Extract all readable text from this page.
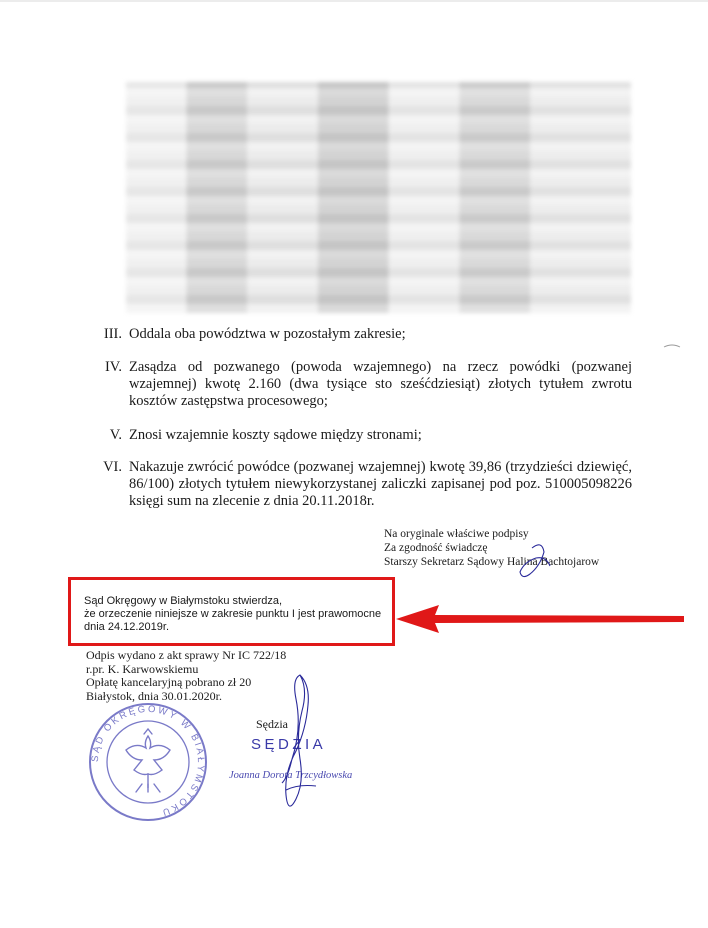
III. Oddala oba powództwa w pozostałym zakresie;
IV. Zasądza od pozwanego (powoda wzajemnego) na rzecz powódki (pozwanej wzajemnej) kwotę 2.160 (dwa tysiące sto sześćdziesiąt) złotych tytułem zwrotu kosztów zastępstwa procesowego;
V. Znosi wzajemnie koszty sądowe między stronami;
VI. Nakazuje zwrócić powódce (pozwanej wzajemnej) kwotę 39,86 (trzydzieści dziewięć, 86/100) złotych tytułem niewykorzystanej zaliczki zapisanej pod poz. 510005098226 księgi sum na zlecenie z dnia 20.11.2018r.
Na oryginale właściwe podpisy
Za zgodność świadczę
Starszy Sekretarz Sądowy Halina Bachtojarow
Sąd Okręgowy w Białymstoku stwierdza,
że orzeczenie niniejsze w zakresie punktu I jest prawomocne
dnia 24.12.2019r.
Odpis wydano z akt sprawy Nr IC 722/18
r.pr. K. Karwowskiemu
Opłatę kancelaryjną pobrano zł 20
Białystok, dnia 30.01.2020r.
SĄD OKRĘGOWY W BIAŁYMSTOKU
Sędzia
SĘDZIA
Joanna Dorota Trzcydłowska
